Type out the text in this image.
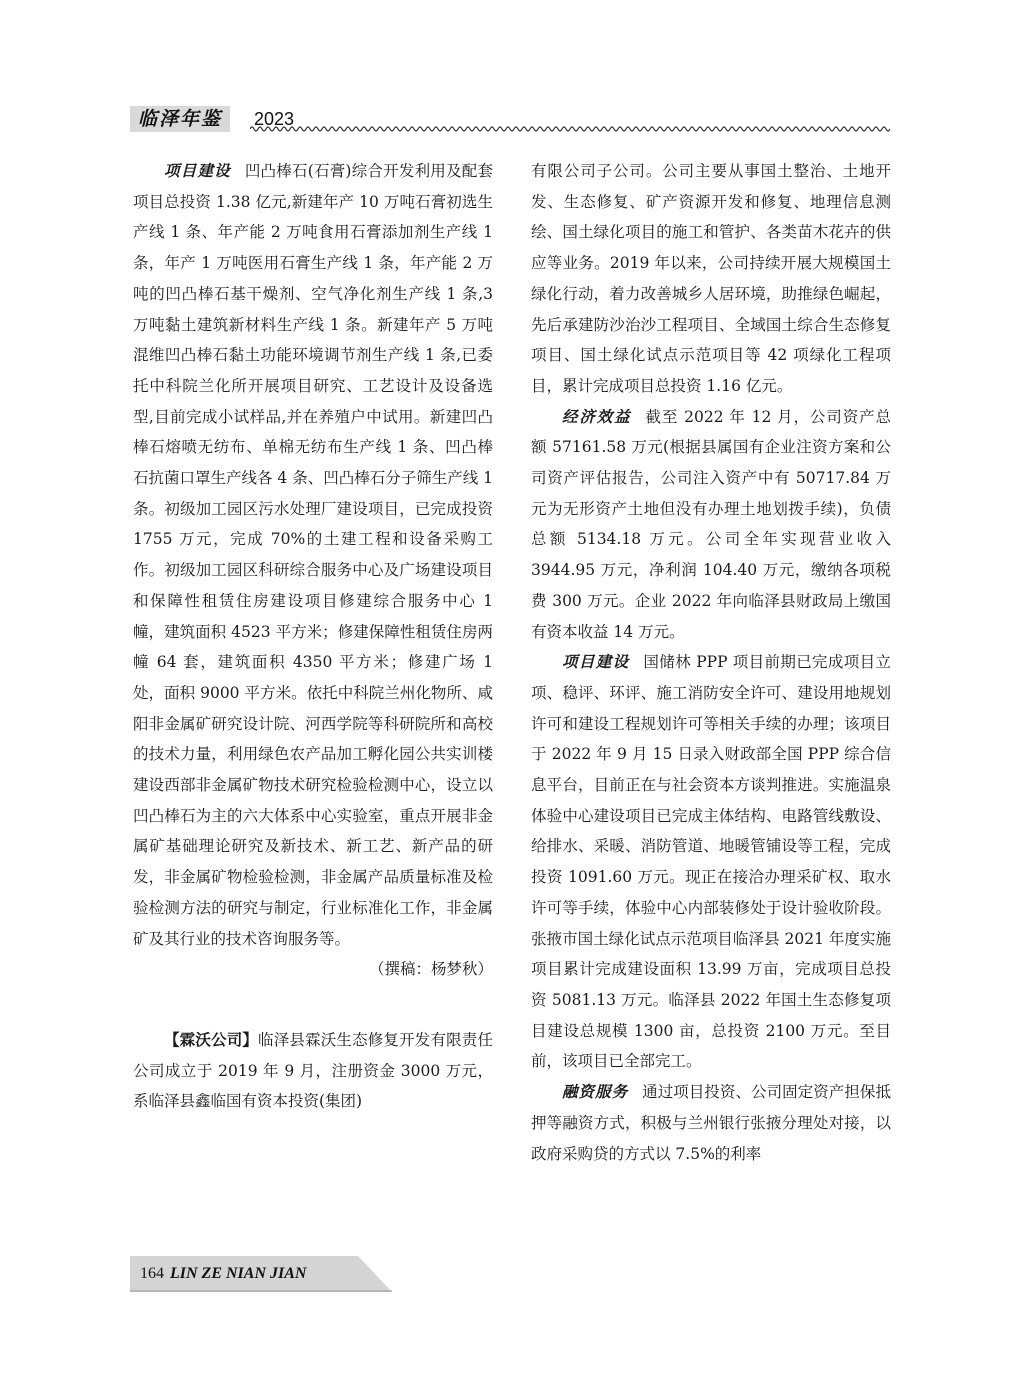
临泽年鉴	2023

项目建设 凹凸棒石(石膏)综合开发利用及配套项目总投资 1.38 亿元,新建年产 10 万吨石膏初选生产线 1 条、年产能 2 万吨食用石膏添加剂生产线 1 条，年产 1 万吨医用石膏生产线 1 条，年产能 2 万吨的凹凸棒石基干燥剂、空气净化剂生产线 1 条,3 万吨黏土建筑新材料生产线 1 条。新建年产 5 万吨混维凹凸棒石黏土功能环境调节剂生产线 1 条,已委托中科院兰化所开展项目研究、工艺设计及设备选型,目前完成小试样品,并在养殖户中试用。新建凹凸棒石熔喷无纺布、单棉无纺布生产线 1 条、凹凸棒石抗菌口罩生产线各 4 条、凹凸棒石分子筛生产线 1 条。初级加工园区污水处理厂建设项目，已完成投资 1755 万元，完成 70%的土建工程和设备采购工作。初级加工园区科研综合服务中心及广场建设项目和保障性租赁住房建设项目修建综合服务中心 1 幢，建筑面积 4523 平方米；修建保障性租赁住房两幢 64 套，建筑面积 4350 平方米；修建广场 1 处，面积 9000 平方米。依托中科院兰州化物所、咸阳非金属矿研究设计院、河西学院等科研院所和高校的技术力量，利用绿色农产品加工孵化园公共实训楼建设西部非金属矿物技术研究检验检测中心，设立以凹凸棒石为主的六大体系中心实验室，重点开展非金属矿基础理论研究及新技术、新工艺、新产品的研发，非金属矿物检验检测，非金属产品质量标准及检验检测方法的研究与制定，行业标准化工作，非金属矿及其行业的技术咨询服务等。

（撰稿：杨梦秋）

【霖沃公司】临泽县霖沃生态修复开发有限责任公司成立于 2019 年 9 月，注册资金 3000 万元，系临泽县鑫临国有资本投资(集团)

有限公司子公司。公司主要从事国土整治、土地开发、生态修复、矿产资源开发和修复、地理信息测绘、国土绿化项目的施工和管护、各类苗木花卉的供应等业务。2019 年以来，公司持续开展大规模国土绿化行动，着力改善城乡人居环境，助推绿色崛起，先后承建防沙治沙工程项目、全域国土综合生态修复项目、国土绿化试点示范项目等 42 项绿化工程项目，累计完成项目总投资 1.16 亿元。

经济效益 截至 2022 年 12 月，公司资产总额 57161.58 万元(根据县属国有企业注资方案和公司资产评估报告，公司注入资产中有 50717.84 万元为无形资产土地但没有办理土地划拨手续)，负债总额 5134.18 万元。公司全年实现营业收入 3944.95 万元，净利润 104.40 万元，缴纳各项税费 300 万元。企业 2022 年向临泽县财政局上缴国有资本收益 14 万元。

项目建设 国储林 PPP 项目前期已完成项目立项、稳评、环评、施工消防安全许可、建设用地规划许可和建设工程规划许可等相关手续的办理；该项目于 2022 年 9 月 15 日录入财政部全国 PPP 综合信息平台，目前正在与社会资本方谈判推进。实施温泉体验中心建设项目已完成主体结构、电路管线敷设、给排水、采暖、消防管道、地暖管铺设等工程，完成投资 1091.60 万元。现正在接洽办理采矿权、取水许可等手续，体验中心内部装修处于设计验收阶段。张掖市国土绿化试点示范项目临泽县 2021 年度实施项目累计完成建设面积 13.99 万亩，完成项目总投资 5081.13 万元。临泽县 2022 年国土生态修复项目建设总规模 1300 亩，总投资 2100 万元。至目前，该项目已全部完工。

融资服务 通过项目投资、公司固定资产担保抵押等融资方式，积极与兰州银行张掖分理处对接，以政府采购贷的方式以 7.5%的利率

164 LIN ZE NIAN JIAN
